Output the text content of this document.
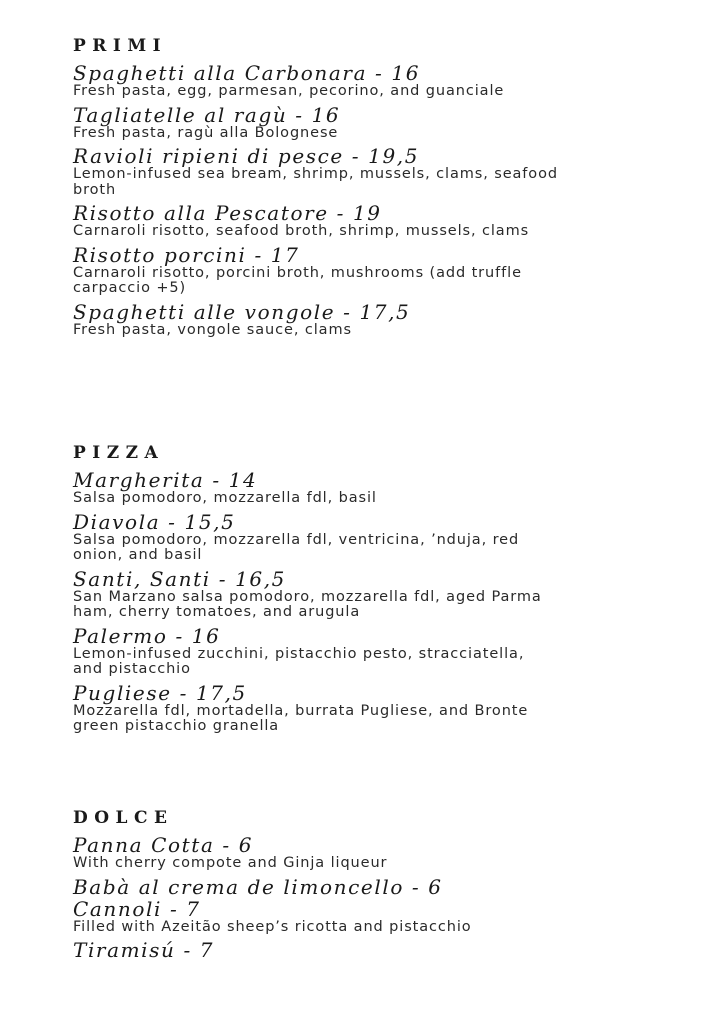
PRIMI
Spaghetti alla Carbonara - 16
Fresh pasta, egg, parmesan, pecorino, and guanciale
Tagliatelle al ragù - 16
Fresh pasta, ragù alla Bolognese
Ravioli ripieni di pesce - 19,5
Lemon-infused sea bream, shrimp, mussels, clams, seafood broth
Risotto alla Pescatore - 19
Carnaroli risotto, seafood broth, shrimp, mussels, clams
Risotto porcini - 17
Carnaroli risotto, porcini broth, mushrooms (add truffle carpaccio +5)
Spaghetti alle vongole - 17,5
Fresh pasta, vongole sauce, clams
PIZZA
Margherita - 14
Salsa pomodoro, mozzarella fdl, basil
Diavola - 15,5
Salsa pomodoro, mozzarella fdl, ventricina, ’nduja, red onion, and basil
Santi, Santi - 16,5
San Marzano salsa pomodoro, mozzarella fdl, aged Parma ham, cherry tomatoes, and arugula
Palermo - 16
Lemon-infused zucchini, pistacchio pesto, stracciatella, and pistacchio
Pugliese - 17,5
Mozzarella fdl, mortadella, burrata Pugliese, and Bronte green pistacchio granella
DOLCE
Panna Cotta - 6
With cherry compote and Ginja liqueur
Babà al crema de limoncello - 6
Cannoli - 7
Filled with Azeitão sheep’s ricotta and pistacchio
Tiramisú - 7
